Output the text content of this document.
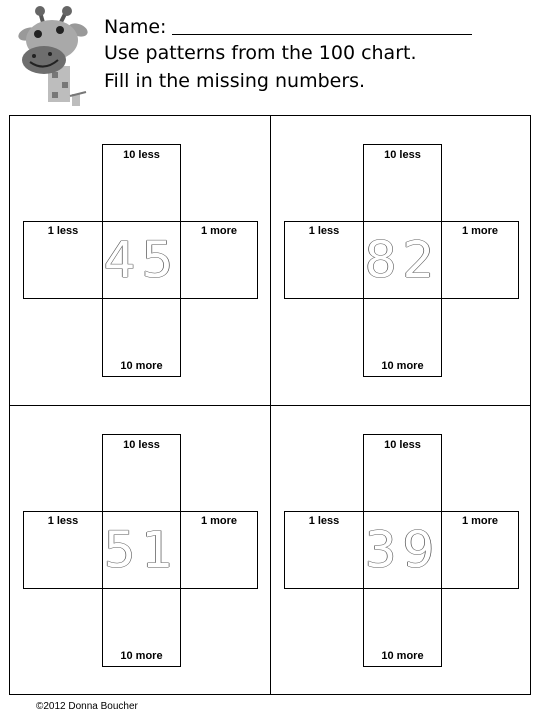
Name:
Use patterns from the 100 chart.
Fill in the missing numbers.
10 less
1 less 45	1 more
10 more
10 less
1 less 82	1 more
10 more
10 less
1 less 51	1 more
10 more
10 less
1 less 39	1 more
10 more
©2012 Donna Boucher
